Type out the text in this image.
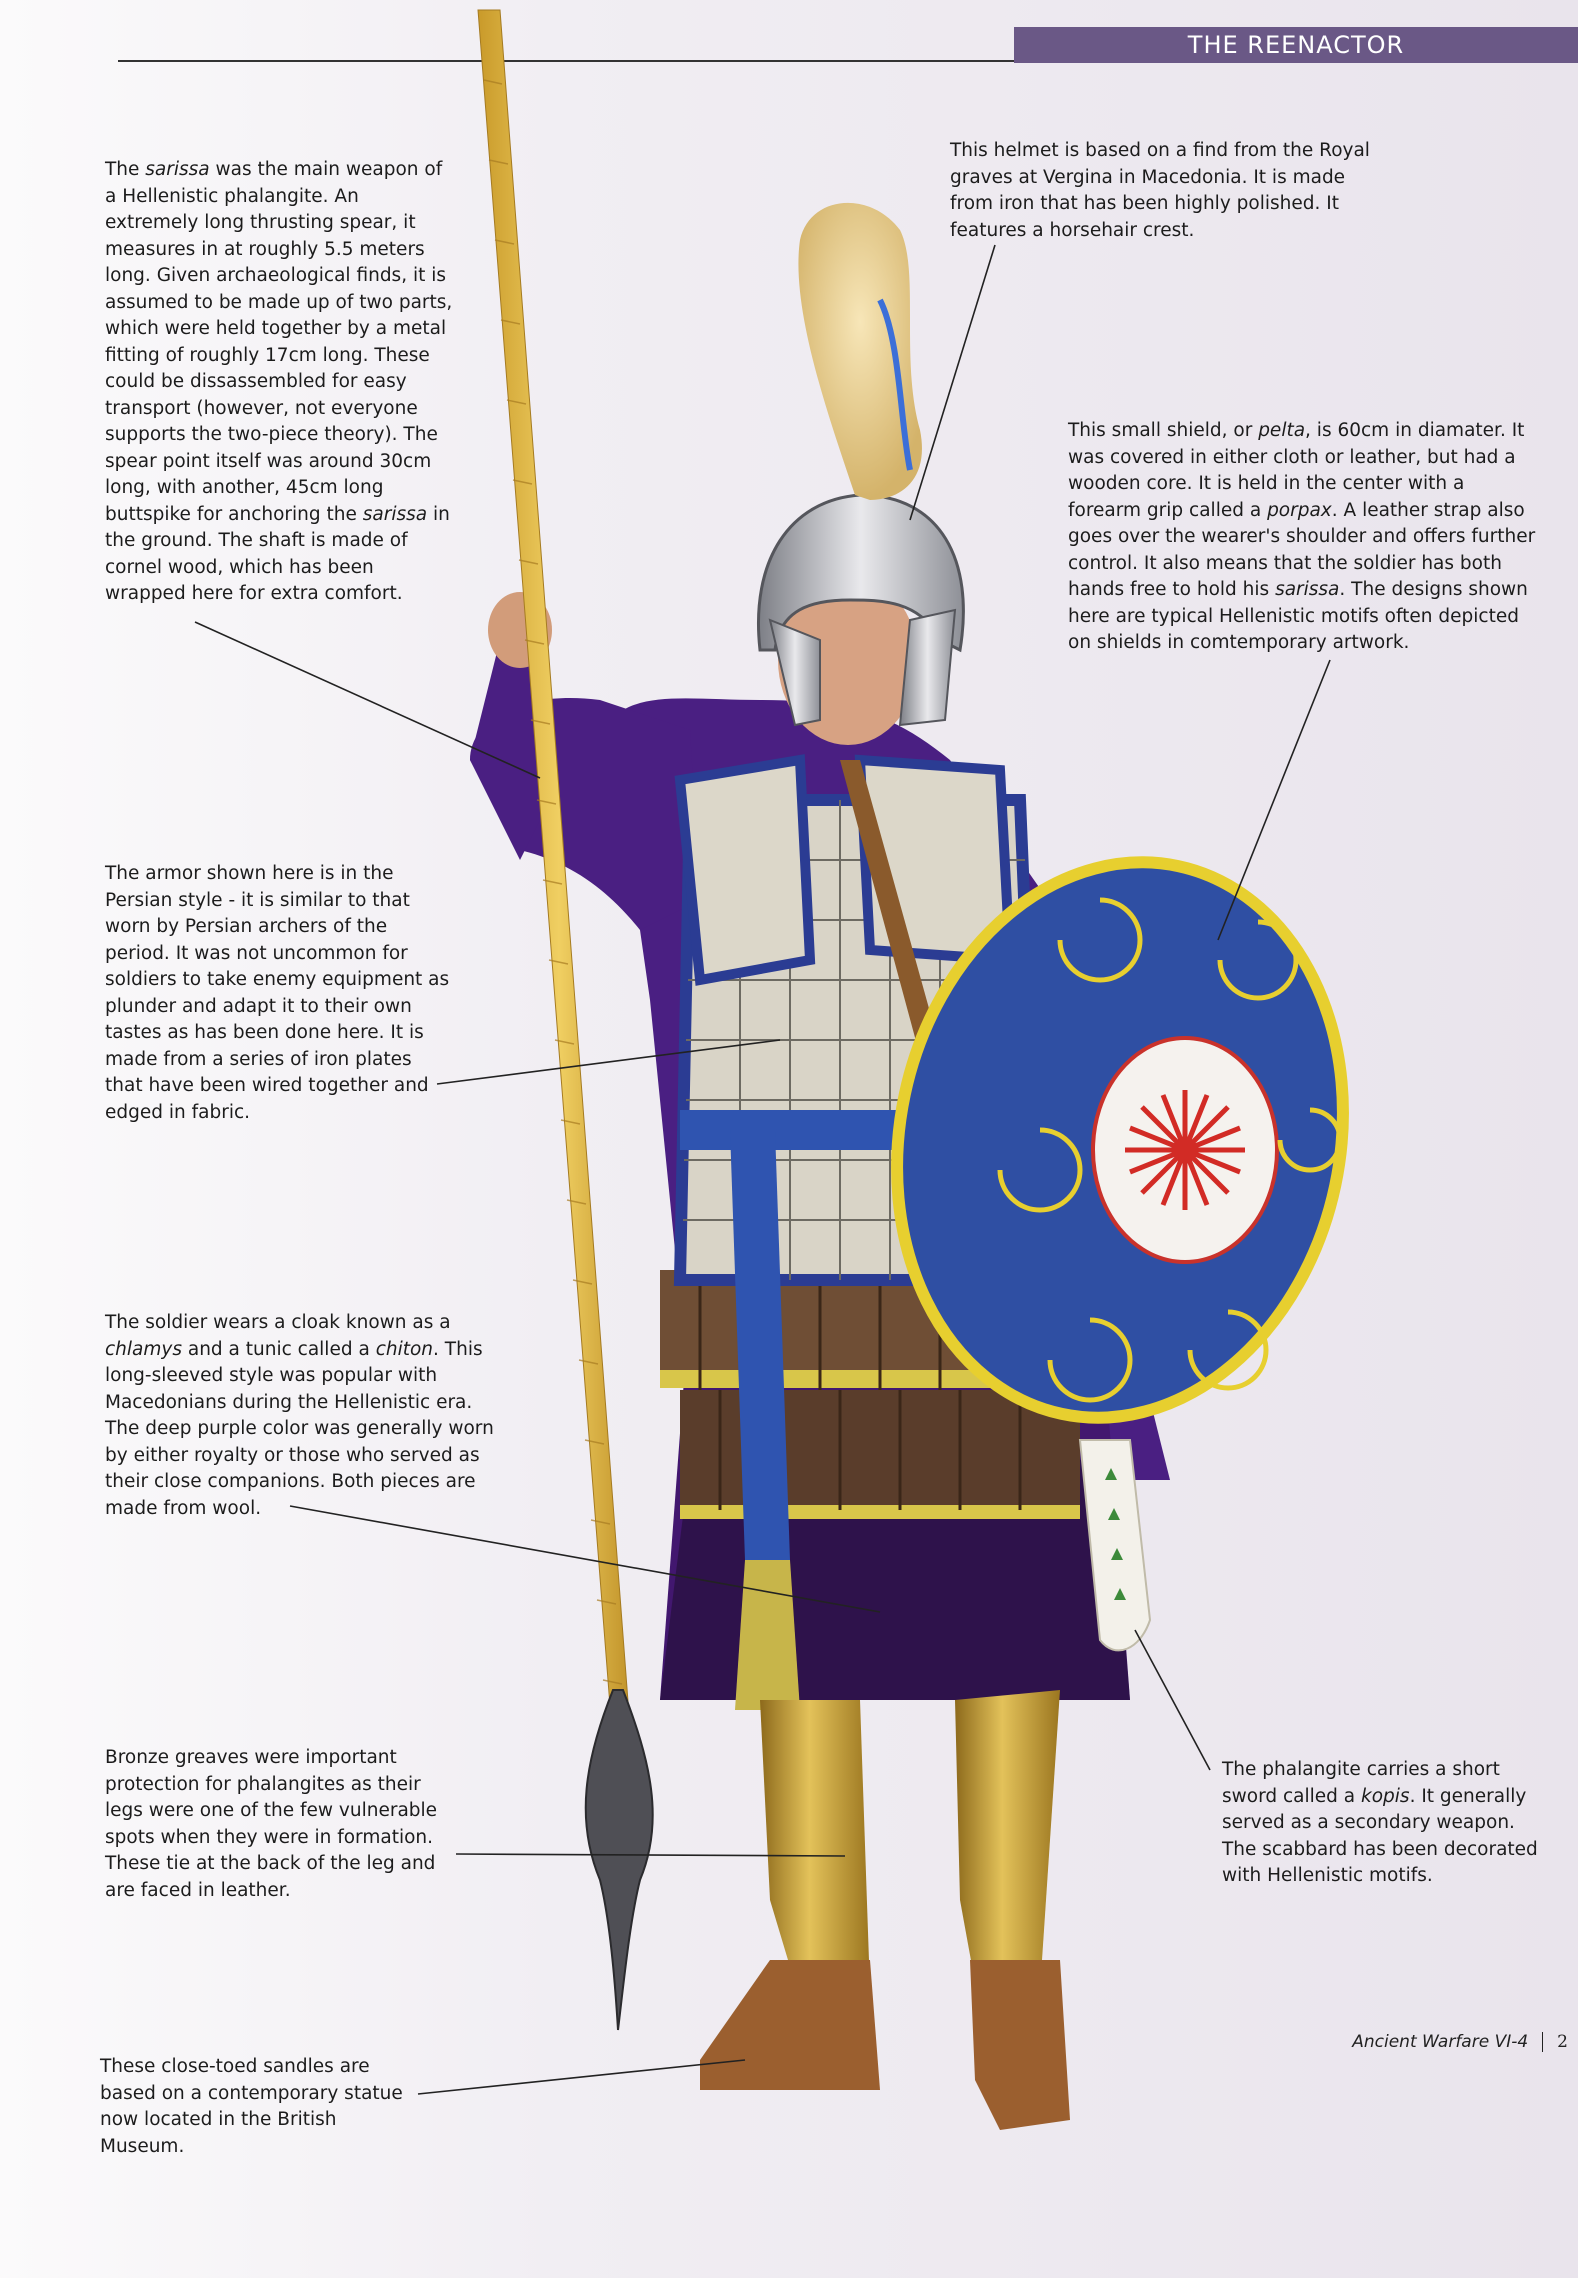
THE REENACTOR

The sarissa was the main weapon of a Hellenistic phalangite. An extremely long thrusting spear, it measures in at roughly 5.5 meters long. Given archaeological finds, it is assumed to be made up of two parts, which were held together by a metal fitting of roughly 17cm long. These could be dissassembled for easy transport (however, not everyone supports the two-piece theory). The spear point itself was around 30cm long, with another, 45cm long buttspike for anchoring the sarissa in the ground. The shaft is made of cornel wood, which has been wrapped here for extra comfort.

This helmet is based on a find from the Royal graves at Vergina in Macedonia. It is made from iron that has been highly polished. It features a horsehair crest.

This small shield, or pelta, is 60cm in diamater. It was covered in either cloth or leather, but had a wooden core. It is held in the center with a forearm grip called a porpax. A leather strap also goes over the wearer's shoulder and offers further control. It also means that the soldier has both hands free to hold his sarissa. The designs shown here are typical Hellenistic motifs often depicted on shields in comtemporary artwork.

The armor shown here is in the Persian style - it is similar to that worn by Persian archers of the period. It was not uncommon for soldiers to take enemy equipment as plunder and adapt it to their own tastes as has been done here. It is made from a series of iron plates that have been wired together and edged in fabric.

The soldier wears a cloak known as a chlamys and a tunic called a chiton. This long-sleeved style was popular with Macedonians during the Hellenistic era. The deep purple color was generally worn by either royalty or those who served as their close companions. Both pieces are made from wool.

Bronze greaves were important protection for phalangites as their legs were one of the few vulnerable spots when they were in formation. These tie at the back of the leg and are faced in leather.

The phalangite carries a short sword called a kopis. It generally served as a secondary weapon. The scabbard has been decorated with Hellenistic motifs.

These close-toed sandles are based on a contemporary statue now located in the British Museum.

Ancient Warfare VI-4 2
